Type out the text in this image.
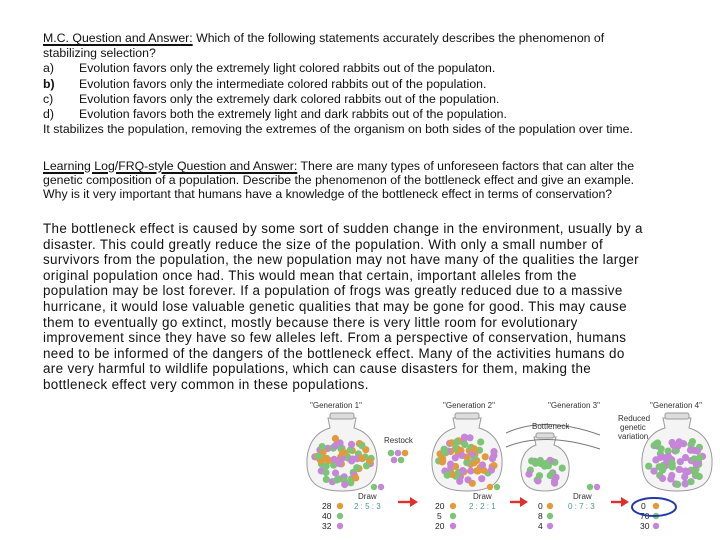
M.C. Question and Answer: Which of the following statements accurately describes the phenomenon of
stabilizing selection?
a)	Evolution favors only the extremely light colored rabbits out of the populaton.
b)	Evolution favors only the intermediate colored rabbits out of the population.
c)	Evolution favors only the extremely dark colored rabbits out of the population.
d)	Evolution favors both the extremely light and dark rabbits out of the population.
It stabilizes the population, removing the extremes of the organism on both sides of the population over time.
Learning Log/FRQ-style Question and Answer: There are many types of unforeseen factors that can alter the
genetic composition of a population. Describe the phenomenon of the bottleneck effect and give an example.
Why is it very important that humans have a knowledge of the bottleneck effect in terms of conservation?
The bottleneck effect is caused by some sort of sudden change in the environment, usually by a
disaster. This could greatly reduce the size of the population. With only a small number of
survivors from the population, the new population may not have many of the qualities the larger
original population once had. This would mean that certain, important alleles from the
population may be lost forever. If a population of frogs was greatly reduced due to a massive
hurricane, it would lose valuable genetic qualities that may be gone for good. This may cause
them to eventually go extinct, mostly because there is very little room for evolutionary
improvement since they have so few alleles left. From a perspective of conservation, humans
need to be informed of the dangers of the bottleneck effect. Many of the activities humans do
are very harmful to wildlife populations, which can cause disasters for them, making the
bottleneck effect very common in these populations.
"Generation 1"	"Generation 2"	"Generation 3"	"Generation 4"
Restock
Bottleneck
Reduced
genetic
variation
Draw
2 : 5 : 3
Draw
2 : 2 : 1
Draw
0 : 7 : 3
28
40
32
20
5
20
0
8
4
0
70
30
